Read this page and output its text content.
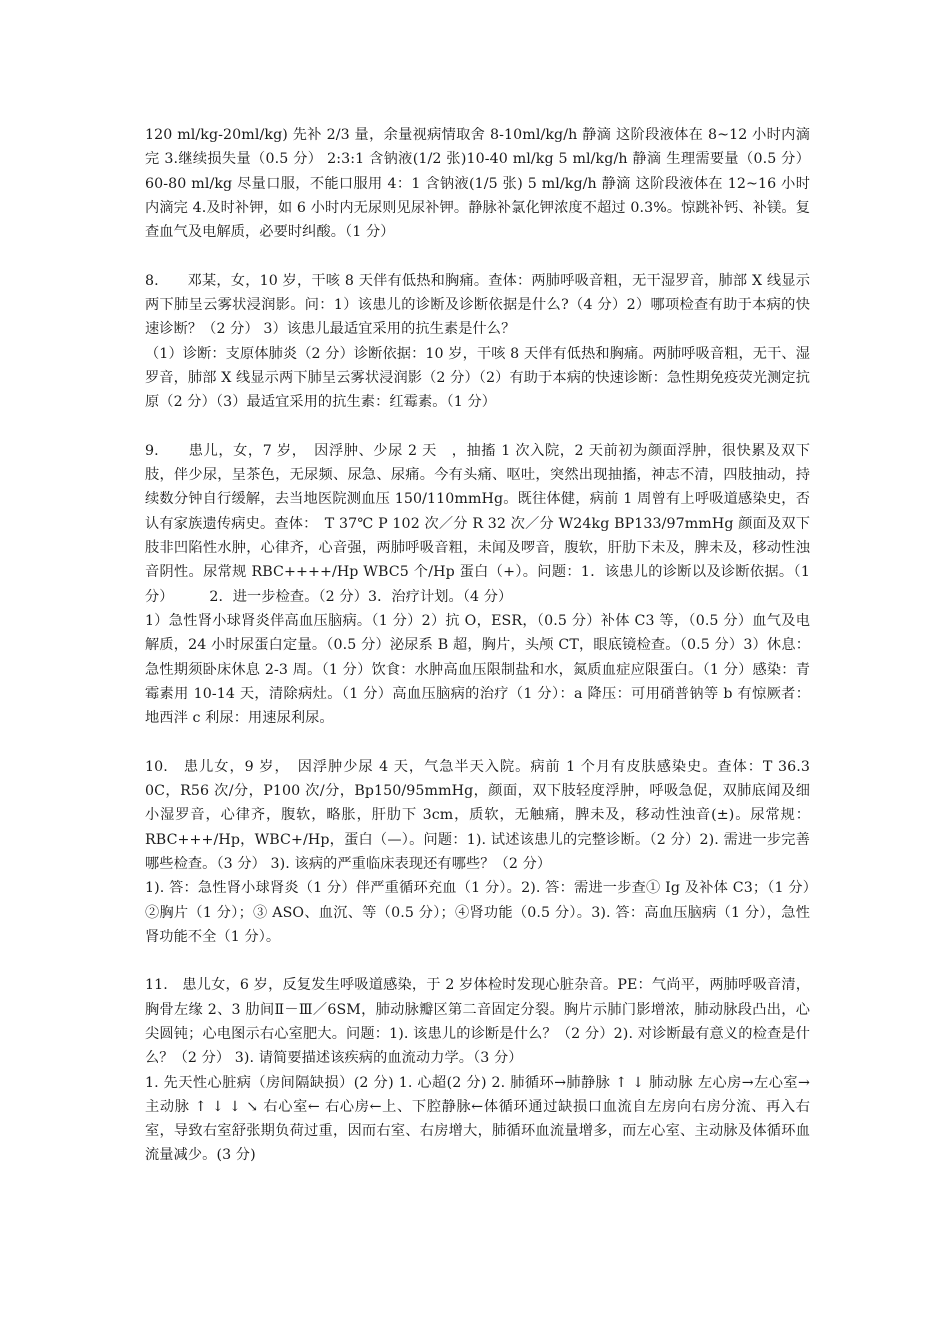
120 ml/kg-20ml/kg) 先补 2/3 量，余量视病情取舍 8-10ml/kg/h 静滴 这阶段液体在 8~12 小时内滴完 3.继续损失量（0.5 分） 2:3:1 含钠液(1/2 张)10-40 ml/kg 5 ml/kg/h 静滴 生理需要量（0.5 分）60-80 ml/kg 尽量口服，不能口服用 4：1 含钠液(1/5 张) 5 ml/kg/h 静滴 这阶段液体在 12~16 小时内滴完 4.及时补钾，如 6 小时内无尿则见尿补钾。静脉补氯化钾浓度不超过 0.3%。惊跳补钙、补镁。复查血气及电解质，必要时纠酸。（1 分）

8.　　邓某，女，10 岁，干咳 8 天伴有低热和胸痛。查体：两肺呼吸音粗，无干湿罗音，肺部 X 线显示两下肺呈云雾状浸润影。问：1）该患儿的诊断及诊断依据是什么?（4 分）2）哪项检查有助于本病的快速诊断？（2 分） 3）该患儿最适宜采用的抗生素是什么？

（1）诊断：支原体肺炎（2 分）诊断依据：10 岁，干咳 8 天伴有低热和胸痛。两肺呼吸音粗，无干、湿罗音，肺部 X 线显示两下肺呈云雾状浸润影（2 分）（2）有助于本病的快速诊断：急性期免疫荧光测定抗原（2 分）（3）最适宜采用的抗生素：红霉素。（1 分）

9.　　患儿，女，7 岁，　因浮肿、少尿 2 天　，抽搐 1 次入院，2 天前初为颜面浮肿，很快累及双下肢，伴少尿，呈茶色，无尿频、尿急、尿痛。今有头痛、呕吐，突然出现抽搐，神志不清，四肢抽动，持续数分钟自行缓解，去当地医院测血压 150/110mmHg。既往体健，病前 1 周曾有上呼吸道感染史，否认有家族遗传病史。查体：　T 37℃ P 102 次／分 R 32 次／分 W24kg BP133/97mmHg 颜面及双下肢非凹陷性水肿，心律齐，心音强，两肺呼吸音粗，未闻及啰音，腹软，肝肋下未及，脾未及，移动性浊音阴性。尿常规 RBC++++/Hp WBC5 个/Hp 蛋白（+）。问题：1．该患儿的诊断以及诊断依据。（1 分）　　　2．进一步检查。（2 分）3．治疗计划。（4 分）

1）急性肾小球肾炎伴高血压脑病。（1 分）2）抗 O，ESR，（0.5 分）补体 C3 等，（0.5 分）血气及电解质，24 小时尿蛋白定量。（0.5 分）泌尿系 B 超，胸片，头颅 CT，眼底镜检查。（0.5 分）3）休息：急性期须卧床休息 2-3 周。（1 分）饮食：水肿高血压限制盐和水，氮质血症应限蛋白。（1 分）感染：青霉素用 10-14 天，清除病灶。（1 分）高血压脑病的治疗（1 分）：a 降压：可用硝普钠等 b 有惊厥者：地西泮 c 利尿：用速尿利尿。

10.　患儿女，9 岁，　因浮肿少尿 4 天，气急半天入院。病前 1 个月有皮肤感染史。查体：T 36.3 0C，R56 次/分，P100 次/分，Bp150/95mmHg，颜面，双下肢轻度浮肿，呼吸急促，双肺底闻及细小湿罗音，心律齐，腹软，略胀，肝肋下 3cm，质软，无触痛，脾未及，移动性浊音(±)。尿常规：RBC+++/Hp，WBC+/Hp，蛋白（—）。问题：1). 试述该患儿的完整诊断。（2 分）2). 需进一步完善哪些检查。（3 分） 3). 该病的严重临床表现还有哪些？（2 分）

1). 答：急性肾小球肾炎（1 分）伴严重循环充血（1 分）。2). 答：需进一步查① Ig 及补体 C3；（1 分）②胸片（1 分）；③ ASO、血沉、等（0.5 分）；④肾功能（0.5 分）。3). 答：高血压脑病（1 分），急性肾功能不全（1 分）。

11.　患儿女，6 岁，反复发生呼吸道感染，于 2 岁体检时发现心脏杂音。PE：气尚平，两肺呼吸音清，胸骨左缘 2、3 肋间Ⅱ－Ⅲ／6SM，肺动脉瓣区第二音固定分裂。胸片示肺门影增浓，肺动脉段凸出，心尖圆钝；心电图示右心室肥大。问题：1). 该患儿的诊断是什么？（2 分）2). 对诊断最有意义的检查是什么？（2 分） 3). 请简要描述该疾病的血流动力学。（3 分）

1. 先天性心脏病（房间隔缺损）(2 分) 1. 心超(2 分) 2. 肺循环→肺静脉 ↑ ↓ 肺动脉 左心房→左心室→ 主动脉 ↑ ↓ ↓ ↘ 右心室← 右心房←上、下腔静脉←体循环通过缺损口血流自左房向右房分流、再入右室，导致右室舒张期负荷过重，因而右室、右房增大，肺循环血流量增多，而左心室、主动脉及体循环血流量减少。(3 分)
